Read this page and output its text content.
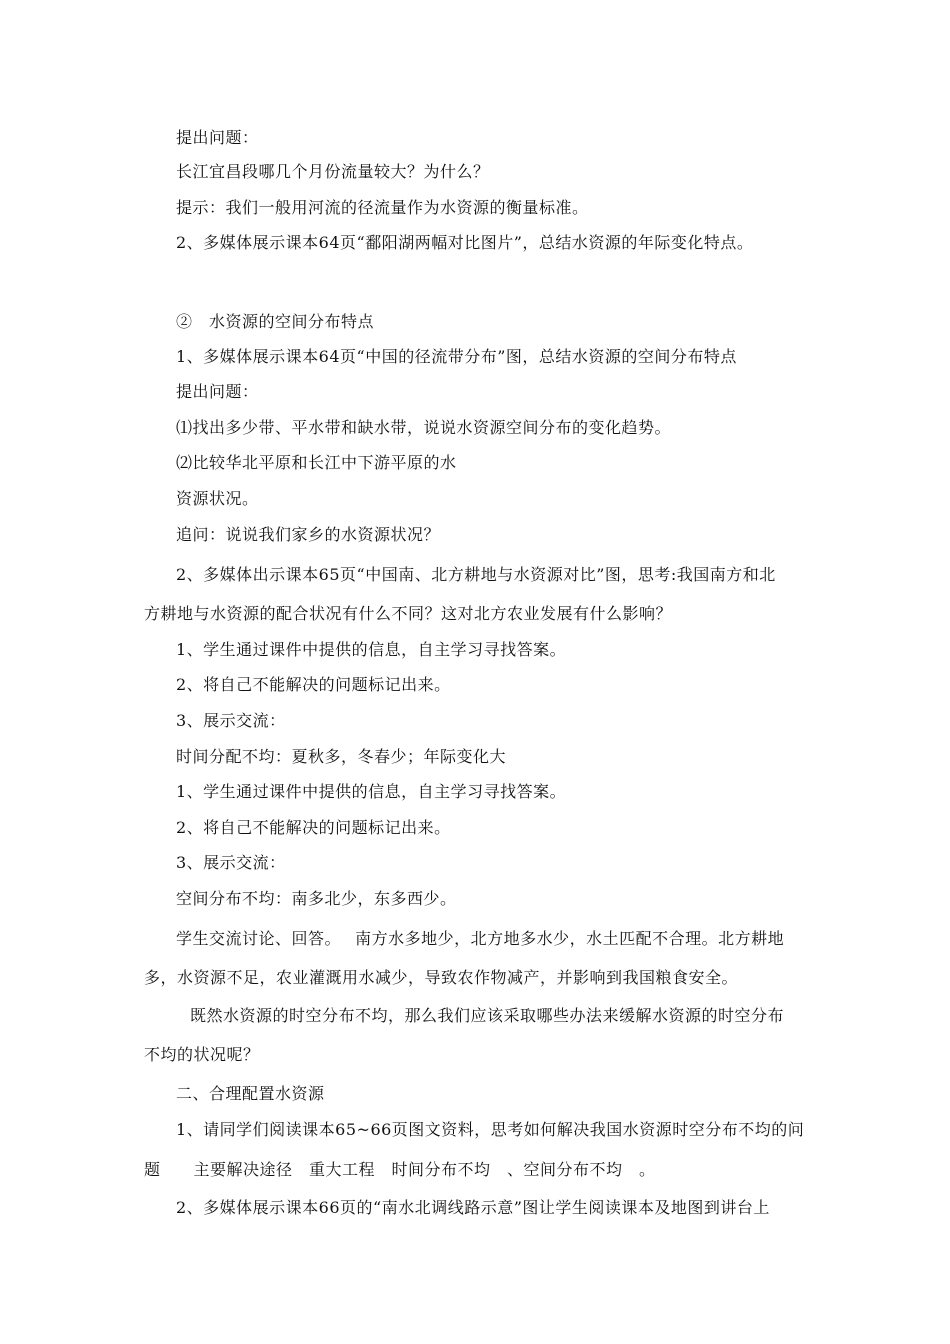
提出问题：
长江宜昌段哪几个月份流量较大？为什么？
提示：我们一般用河流的径流量作为水资源的衡量标准。
2、多媒体展示课本64页“鄱阳湖两幅对比图片”，总结水资源的年际变化特点。
②　水资源的空间分布特点
1、多媒体展示课本64页“中国的径流带分布”图，总结水资源的空间分布特点
提出问题：
⑴找出多少带、平水带和缺水带，说说水资源空间分布的变化趋势。
⑵比较华北平原和长江中下游平原的水
资源状况。
追问：说说我们家乡的水资源状况？
2、多媒体出示课本65页“中国南、北方耕地与水资源对比”图，思考:我国南方和北
方耕地与水资源的配合状况有什么不同？这对北方农业发展有什么影响？
1、学生通过课件中提供的信息，自主学习寻找答案。
2、将自己不能解决的问题标记出来。
3、展示交流：
时间分配不均：夏秋多，冬春少；年际变化大
1、学生通过课件中提供的信息，自主学习寻找答案。
2、将自己不能解决的问题标记出来。
3、展示交流：
空间分布不均：南多北少，东多西少。
学生交流讨论、回答。　 南方水多地少，北方地多水少，水土匹配不合理。北方耕地
多，水资源不足，农业灌溉用水减少，导致农作物减产，并影响到我国粮食安全。
既然水资源的时空分布不均，那么我们应该采取哪些办法来缓解水资源的时空分布
不均的状况呢？
二、合理配置水资源
1、请同学们阅读课本65~66页图文资料，思考如何解决我国水资源时空分布不均的问
题　　主要解决途径　重大工程　时间分布不均　、空间分布不均　。
2、多媒体展示课本66页的“南水北调线路示意”图让学生阅读课本及地图到讲台上
